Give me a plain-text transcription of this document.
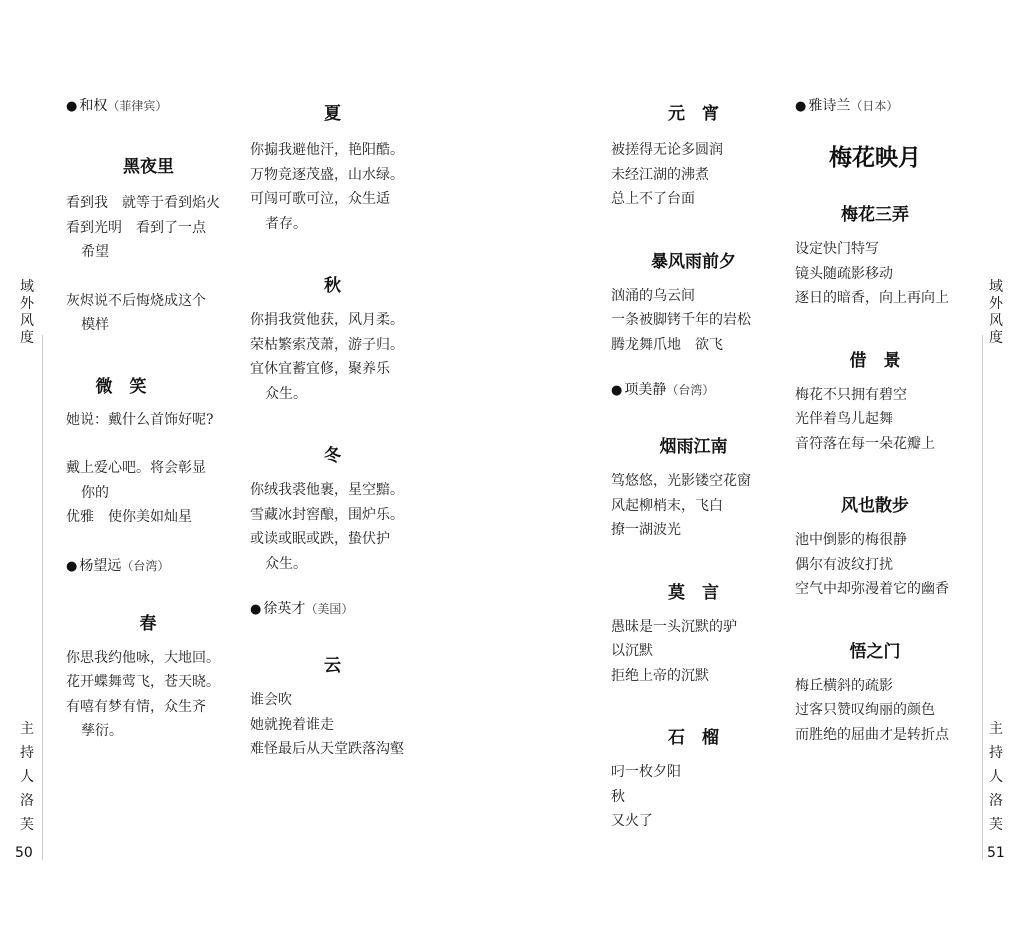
域外风度
主持人洛芙
50
域外风度
主持人洛芙
51
● 和权 （菲律宾）
黑夜里
看到我　就等于看到焰火
看到光明　看到了一点
希望
灰烬说不后悔烧成这个
模样
微　笑
她说：戴什么首饰好呢?
戴上爱心吧。将会彰显
你的
优雅　使你美如灿星
● 杨望远 （台湾）
春
你思我约他咏，大地回。
花开蝶舞莺飞，苍天晓。
有嘻有梦有情，众生齐
孳衍。
夏
你搧我避他汗，艳阳酷。
万物竞逐茂盛，山水绿。
可闯可歌可泣，众生适
者存。
秋
你捐我赏他获，风月柔。
荣枯繁索茂萧，游子归。
宜休宜蓄宜修，聚养乐
众生。
冬
你绒我裘他裹，星空黯。
雪藏冰封窖酿，围炉乐。
或读或眠或跌，蛰伏护
众生。
● 徐英才 （美国）
云
谁会吹
她就挽着谁走
难怪最后从天堂跌落沟壑
元　宵
被搓得无论多圆润
未经江湖的沸煮
总上不了台面
暴风雨前夕
汹涌的乌云间
一条被脚铐千年的岩松
腾龙舞爪地　欲飞
● 项美静 （台湾）
烟雨江南
笃悠悠，光影镂空花窗
风起柳梢末，飞白
撩一湖波光
莫　言
愚昧是一头沉默的驴
以沉默
拒绝上帝的沉默
石　榴
叼一枚夕阳
秋
又火了
● 雅诗兰 （日本）
梅花映月
梅花三弄
设定快门特写
镜头随疏影移动
逐日的暗香，向上再向上
借　景
梅花不只拥有碧空
光伴着鸟儿起舞
音符落在每一朵花瓣上
风也散步
池中倒影的梅很静
偶尔有波纹打扰
空气中却弥漫着它的幽香
悟之门
梅丘横斜的疏影
过客只赞叹绚丽的颜色
而胜绝的屈曲才是转折点
